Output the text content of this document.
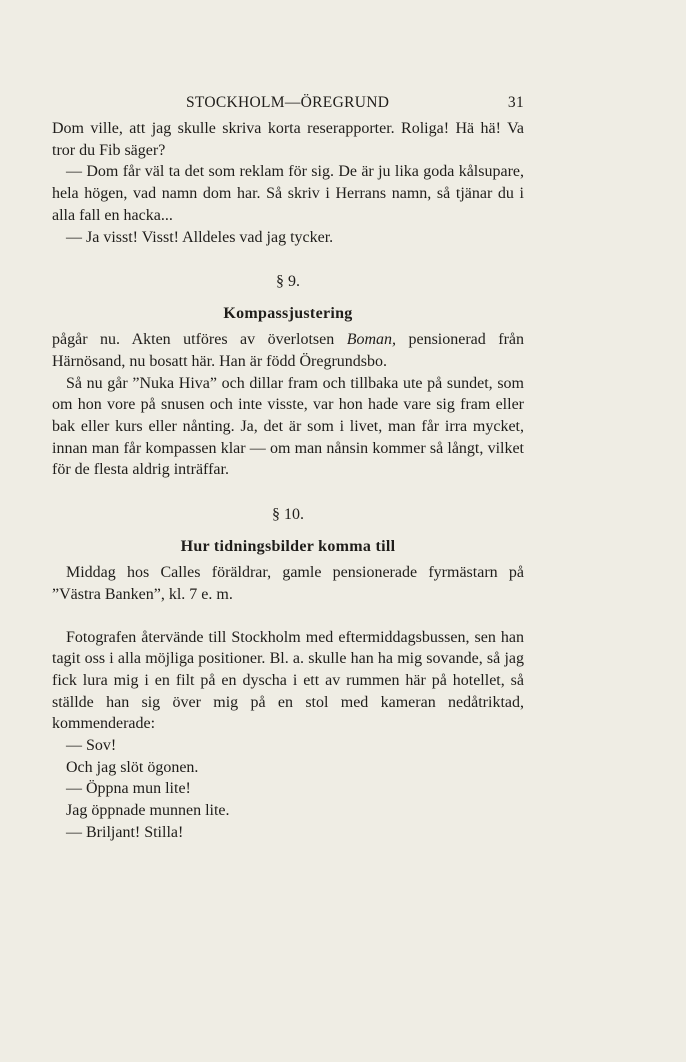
STOCKHOLM—ÖREGRUND	31

Dom ville, att jag skulle skriva korta reserapporter. Roliga! Hä hä! Va tror du Fib säger?

— Dom får väl ta det som reklam för sig. De är ju lika goda kålsupare, hela högen, vad namn dom har. Så skriv i Herrans namn, så tjänar du i alla fall en hacka...

— Ja visst! Visst! Alldeles vad jag tycker.

§ 9.
Kompassjustering

pågår nu. Akten utföres av överlotsen Boman, pensionerad från Härnösand, nu bosatt här. Han är född Öregrundsbo.

Så nu går ”Nuka Hiva” och dillar fram och tillbaka ute på sundet, som om hon vore på snusen och inte visste, var hon hade vare sig fram eller bak eller kurs eller nånting. Ja, det är som i livet, man får irra mycket, innan man får kompassen klar — om man nånsin kommer så långt, vilket för de flesta aldrig inträffar.

§ 10.
Hur tidningsbilder komma till

Middag hos Calles föräldrar, gamle pensionerade fyrmästarn på ”Västra Banken”, kl. 7 e. m.

Fotografen återvände till Stockholm med eftermiddagsbussen, sen han tagit oss i alla möjliga positioner. Bl. a. skulle han ha mig sovande, så jag fick lura mig i en filt på en dyscha i ett av rummen här på hotellet, så ställde han sig över mig på en stol med kameran nedåtriktad, kommenderade:

— Sov!

Och jag slöt ögonen.

— Öppna mun lite!

Jag öppnade munnen lite.

— Briljant! Stilla!
